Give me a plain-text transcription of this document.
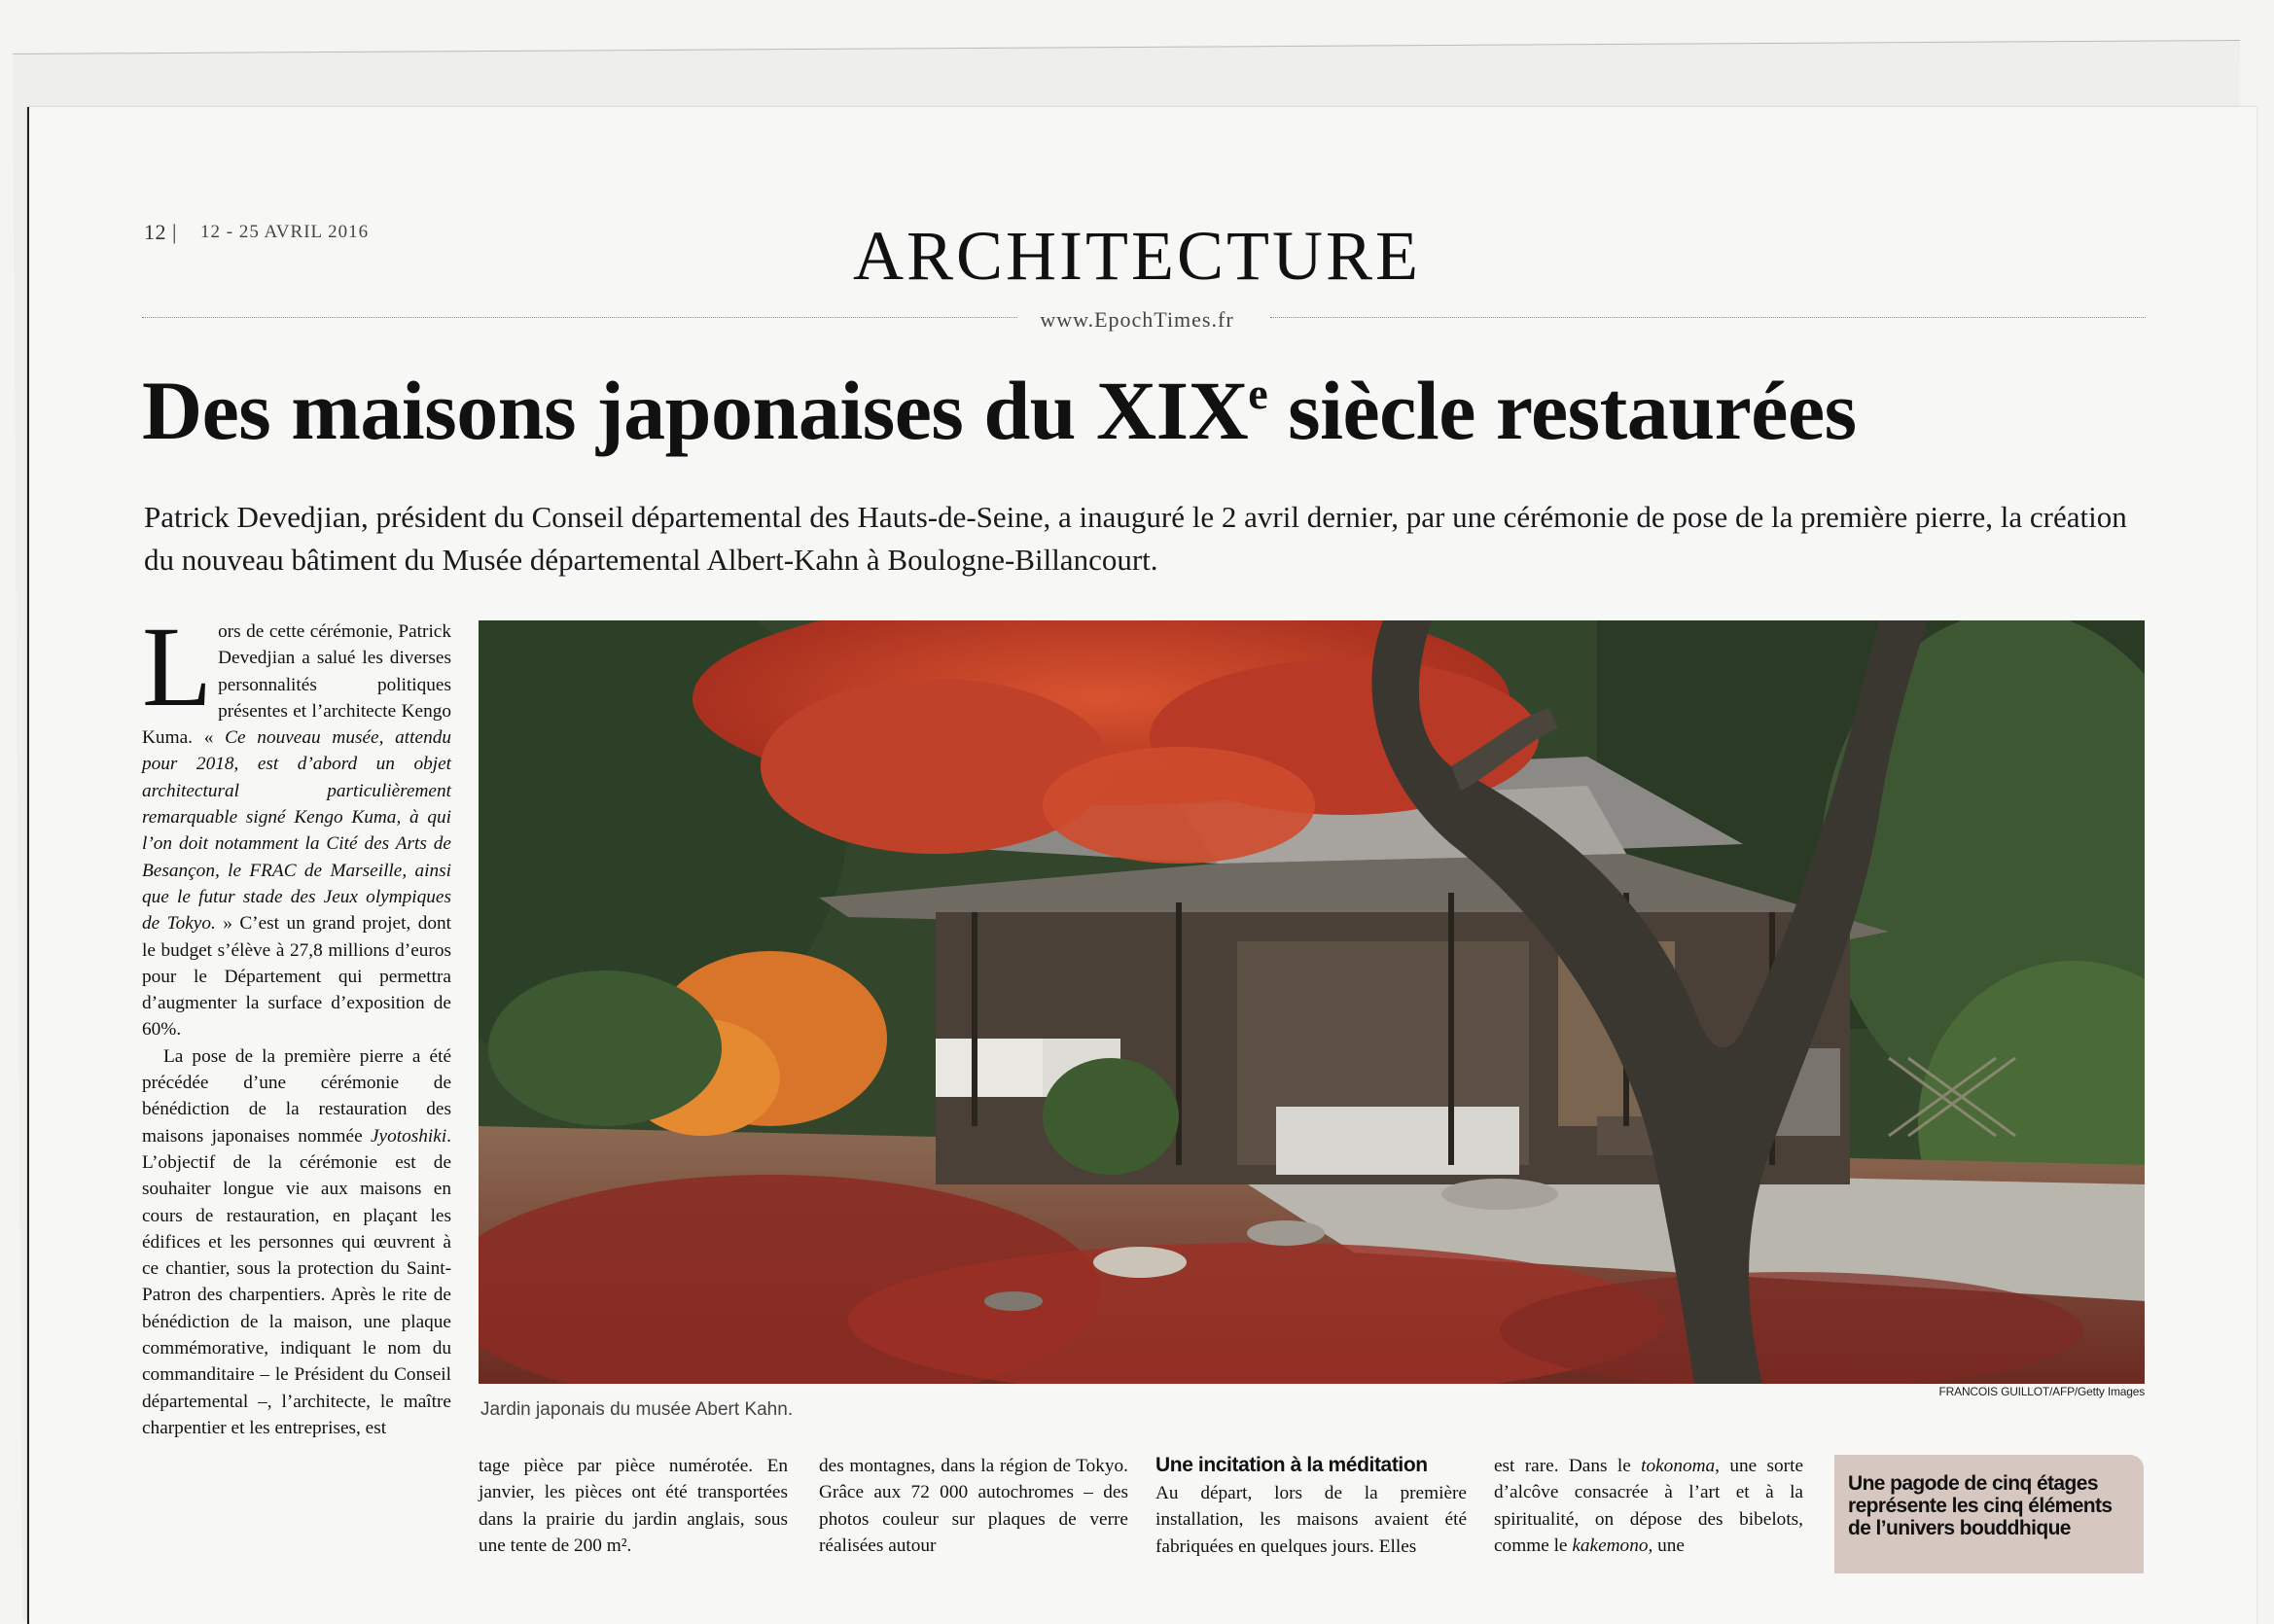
12 |	12 - 25 AVRIL 2016	ARCHITECTURE
www.EpochTimes.fr
Des maisons japonaises du XIXe siècle restaurées
Patrick Devedjian, président du Conseil départemental des Hauts-de-Seine, a inauguré le 2 avril dernier, par une cérémonie de pose de la première pierre, la création du nouveau bâtiment du Musée départemental Albert-Kahn à Boulogne-Billancourt.

Lors de cette cérémonie, Patrick Devedjian a salué les diverses personnalités politiques présentes et l’architecte Kengo Kuma. « Ce nouveau musée, attendu pour 2018, est d’abord un objet architectural particulièrement remarquable signé Kengo Kuma, à qui l’on doit notamment la Cité des Arts de Besançon, le FRAC de Marseille, ainsi que le futur stade des Jeux olympiques de Tokyo. » C’est un grand projet, dont le budget s’élève à 27,8 millions d’euros pour le Département qui permettra d’augmenter la surface d’exposition de 60%.

La pose de la première pierre a été précédée d’une cérémonie de bénédiction de la restauration des maisons japonaises nommée Jyotoshiki. L’objectif de la cérémonie est de souhaiter longue vie aux maisons en cours de restauration, en plaçant les édifices et les personnes qui œuvrent à ce chantier, sous la protection du Saint-Patron des charpentiers. Après le rite de bénédiction de la maison, une plaque commémorative, indiquant le nom du commanditaire – le Président du Conseil départemental –, l’architecte, le maître charpentier et les entreprises, est

FRANCOIS GUILLOT/AFP/Getty Images
Jardin japonais du musée Abert Kahn.

tage pièce par pièce numérotée. En janvier, les pièces ont été transportées dans la prairie du jardin anglais, sous une tente de 200 m².

des montagnes, dans la région de Tokyo. Grâce aux 72 000 autochromes – des photos couleur sur plaques de verre réalisées autour

Une incitation à la méditation

Au départ, lors de la première installation, les maisons avaient été fabriquées en quelques jours. Elles

est rare. Dans le tokonoma, une sorte d’alcôve consacrée à l’art et à la spiritualité, on dépose des bibelots, comme le kakemono, une

Une pagode de cinq étages représente les cinq éléments de l’univers bouddhique
